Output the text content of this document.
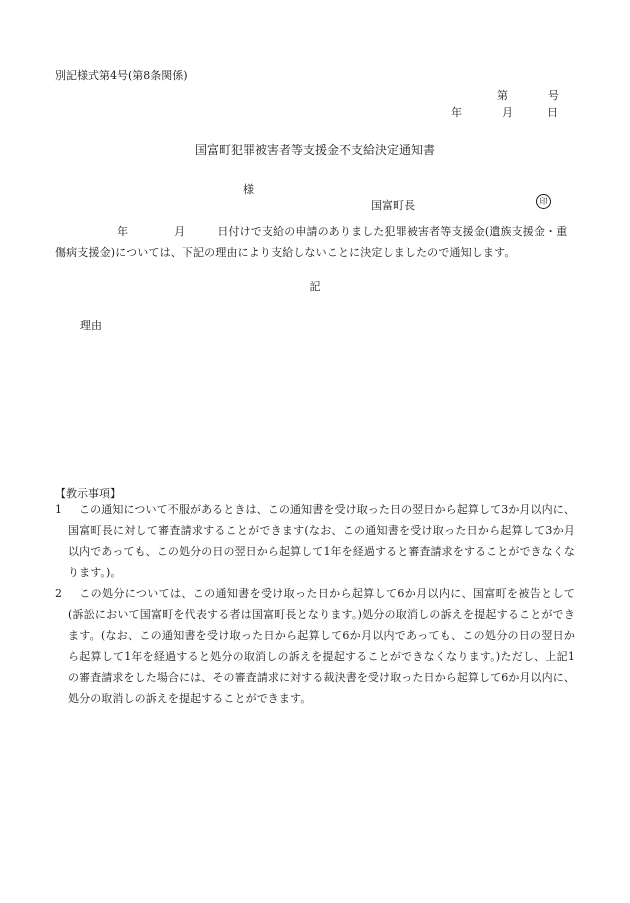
別記様式第4号(第8条関係)
第	号
年	月	日
国富町犯罪被害者等支援金不支給決定通知書
様
国富町長	印
年	月	日付けで支給の申請のありました犯罪被害者等支援金(遺族支援金・重傷病支援金)については、下記の理由により支給しないことに決定しましたので通知します。
記
理由
【教示事項】
1 この通知について不服があるときは、この通知書を受け取った日の翌日から起算して3か月以内に、国富町長に対して審査請求することができます(なお、この通知書を受け取った日から起算して3か月以内であっても、この処分の日の翌日から起算して1年を経過すると審査請求をすることができなくなります。)。
2 この処分については、この通知書を受け取った日から起算して6か月以内に、国富町を被告として(訴訟において国富町を代表する者は国富町長となります。)処分の取消しの訴えを提起することができます。(なお、この通知書を受け取った日から起算して6か月以内であっても、この処分の日の翌日から起算して1年を経過すると処分の取消しの訴えを提起することができなくなります。)ただし、上記1の審査請求をした場合には、その審査請求に対する裁決書を受け取った日から起算して6か月以内に、処分の取消しの訴えを提起することができます。
